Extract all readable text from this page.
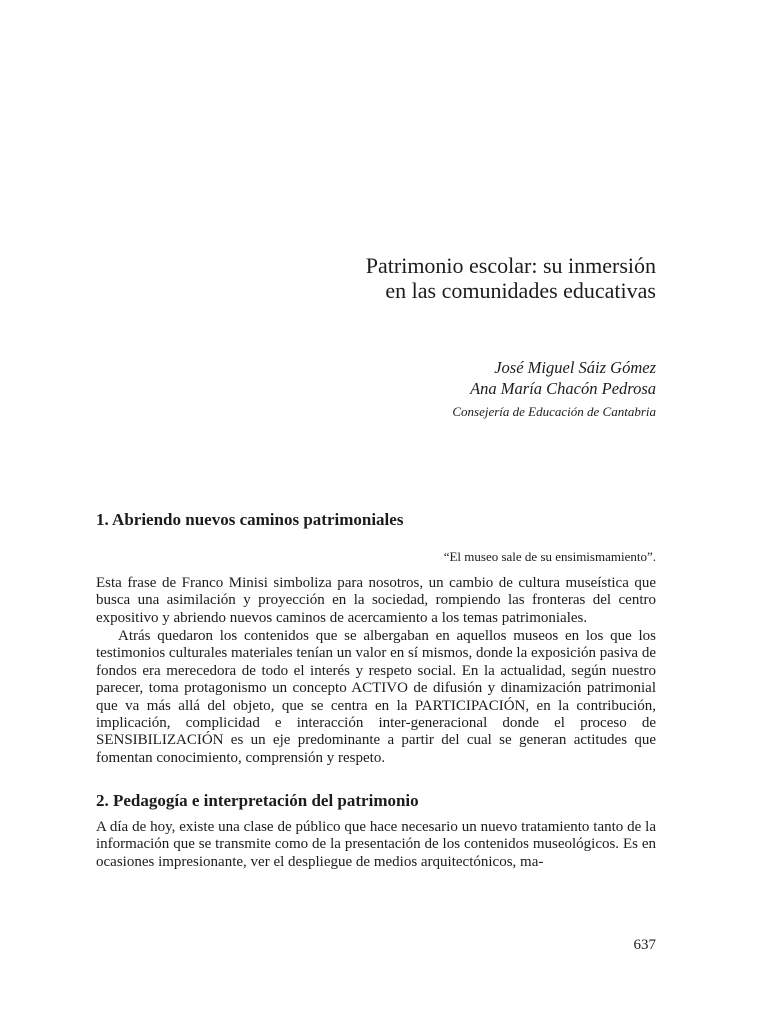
Patrimonio escolar: su inmersión
en las comunidades educativas
José Miguel Sáiz Gómez
Ana María Chacón Pedrosa
Consejería de Educación de Cantabria
1. Abriendo nuevos caminos patrimoniales
“El museo sale de su ensimismamiento”.

Esta frase de Franco Minisi simboliza para nosotros, un cambio de cultura museística que busca una asimilación y proyección en la sociedad, rompiendo las fronteras del centro expositivo y abriendo nuevos caminos de acercamiento a los temas patrimoniales.

Atrás quedaron los contenidos que se albergaban en aquellos museos en los que los testimonios culturales materiales tenían un valor en sí mismos, donde la exposición pasiva de fondos era merecedora de todo el interés y respeto social. En la actualidad, según nuestro parecer, toma protagonismo un concepto ACTIVO de difusión y dinamización patrimonial que va más allá del objeto, que se centra en la PARTICIPACIÓN, en la contribución, implicación, complicidad e interacción inter-generacional donde el proceso de SENSIBILIZACIÓN es un eje predominante a partir del cual se generan actitudes que fomentan conocimiento, comprensión y respeto.

2. Pedagogía e interpretación del patrimonio

A día de hoy, existe una clase de público que hace necesario un nuevo tratamiento tanto de la información que se transmite como de la presentación de los contenidos museológicos. Es en ocasiones impresionante, ver el despliegue de medios arquitectónicos, ma-

637
